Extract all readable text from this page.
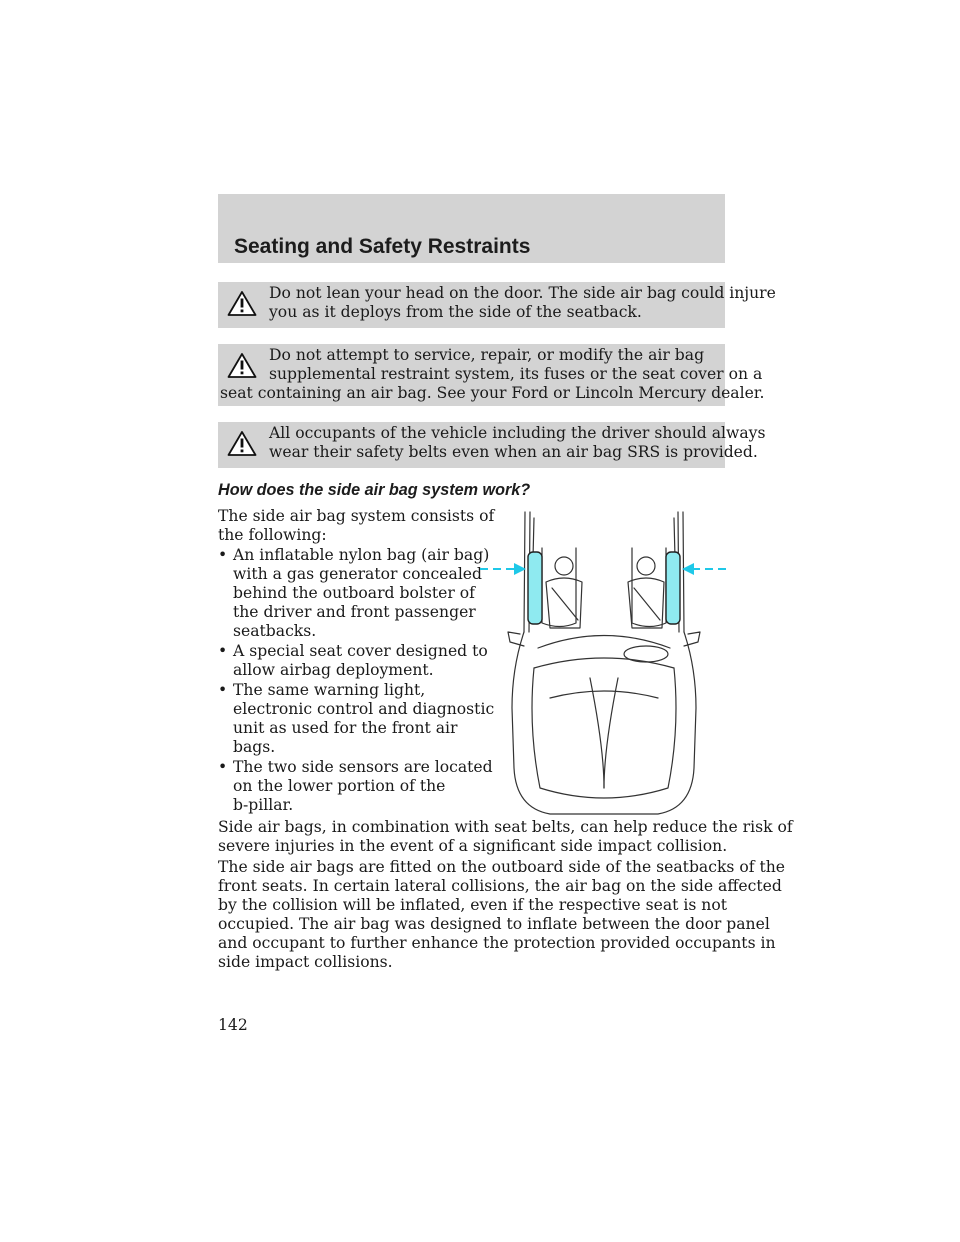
Seating and Safety Restraints

Do not lean your head on the door. The side air bag could injure
you as it deploys from the side of the seatback.

Do not attempt to service, repair, or modify the air bag
supplemental restraint system, its fuses or the seat cover on a
seat containing an air bag. See your Ford or Lincoln Mercury dealer.

All occupants of the vehicle including the driver should always
wear their safety belts even when an air bag SRS is provided.

How does the side air bag system work?

The side air bag system consists of
the following:

• An inflatable nylon bag (air bag)
with a gas generator concealed
behind the outboard bolster of
the driver and front passenger
seatbacks.
• A special seat cover designed to
allow airbag deployment.
• The same warning light,
electronic control and diagnostic
unit as used for the front air
bags.
• The two side sensors are located
on the lower portion of the
b-pillar.

Side air bags, in combination with seat belts, can help reduce the risk of
severe injuries in the event of a significant side impact collision.

The side air bags are fitted on the outboard side of the seatbacks of the
front seats. In certain lateral collisions, the air bag on the side affected
by the collision will be inflated, even if the respective seat is not
occupied. The air bag was designed to inflate between the door panel
and occupant to further enhance the protection provided occupants in
side impact collisions.

142
